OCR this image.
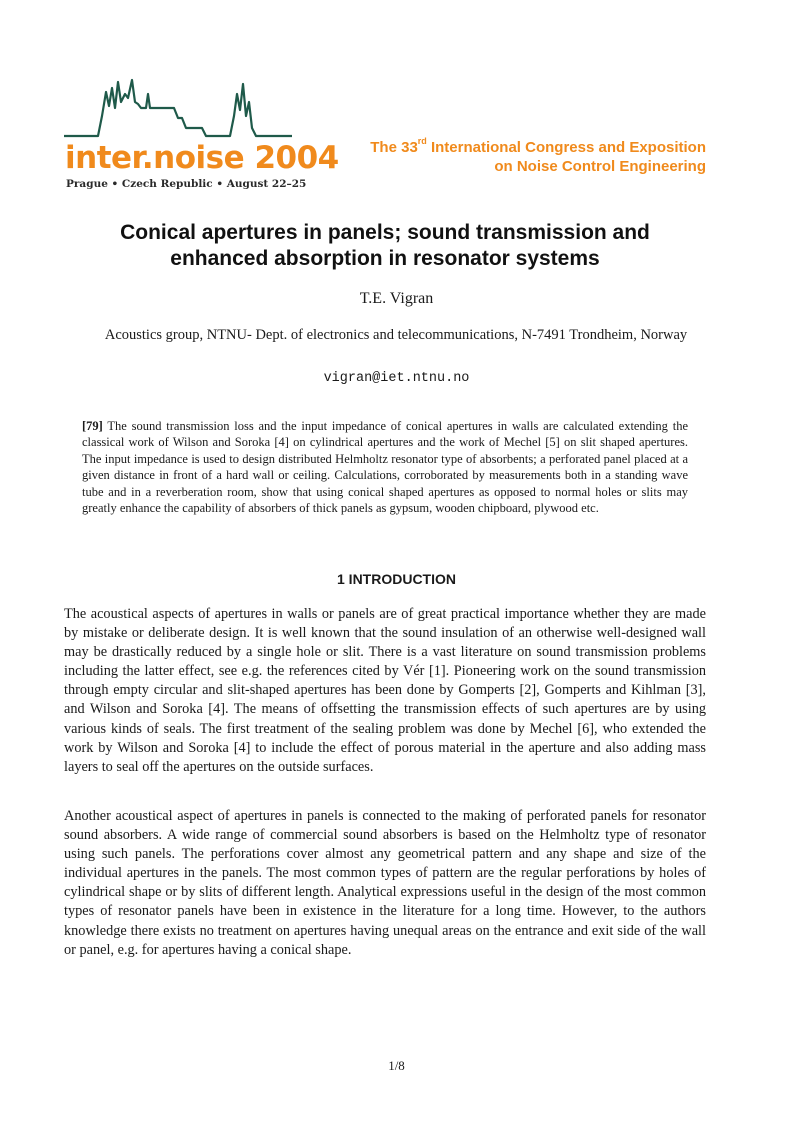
inter.noise 2004
Prague • Czech Republic • August 22–25
The 33rd International Congress and Exposition
on Noise Control Engineering
Conical apertures in panels; sound transmission and enhanced absorption in resonator systems
T.E. Vigran
Acoustics group, NTNU- Dept. of electronics and telecommunications, N-7491 Trondheim, Norway
vigran@iet.ntnu.no
[79] The sound transmission loss and the input impedance of conical apertures in walls are calculated extending the classical work of Wilson and Soroka [4] on cylindrical apertures and the work of Mechel [5] on slit shaped apertures. The input impedance is used to design distributed Helmholtz resonator type of absorbents; a perforated panel placed at a given distance in front of a hard wall or ceiling. Calculations, corroborated by measurements both in a standing wave tube and in a reverberation room, show that using conical shaped apertures as opposed to normal holes or slits may greatly enhance the capability of absorbers of thick panels as gypsum, wooden chipboard, plywood etc.
1 INTRODUCTION

The acoustical aspects of apertures in walls or panels are of great practical importance whether they are made by mistake or deliberate design. It is well known that the sound insulation of an otherwise well-designed wall may be drastically reduced by a single hole or slit. There is a vast literature on sound transmission problems including the latter effect, see e.g. the references cited by Vér [1]. Pioneering work on the sound transmission through empty circular and slit-shaped apertures has been done by Gomperts [2], Gomperts and Kihlman [3], and Wilson and Soroka [4]. The means of offsetting the transmission effects of such apertures are by using various kinds of seals. The first treatment of the sealing problem was done by Mechel [6], who extended the work by Wilson and Soroka [4] to include the effect of porous material in the aperture and also adding mass layers to seal off the apertures on the outside surfaces.

Another acoustical aspect of apertures in panels is connected to the making of perforated panels for resonator sound absorbers. A wide range of commercial sound absorbers is based on the Helmholtz type of resonator using such panels. The perforations cover almost any geometrical pattern and any shape and size of the individual apertures in the panels. The most common types of pattern are the regular perforations by holes of cylindrical shape or by slits of different length. Analytical expressions useful in the design of the most common types of resonator panels have been in existence in the literature for a long time. However, to the authors knowledge there exists no treatment on apertures having unequal areas on the entrance and exit side of the wall or panel, e.g. for apertures having a conical shape.

1/8
